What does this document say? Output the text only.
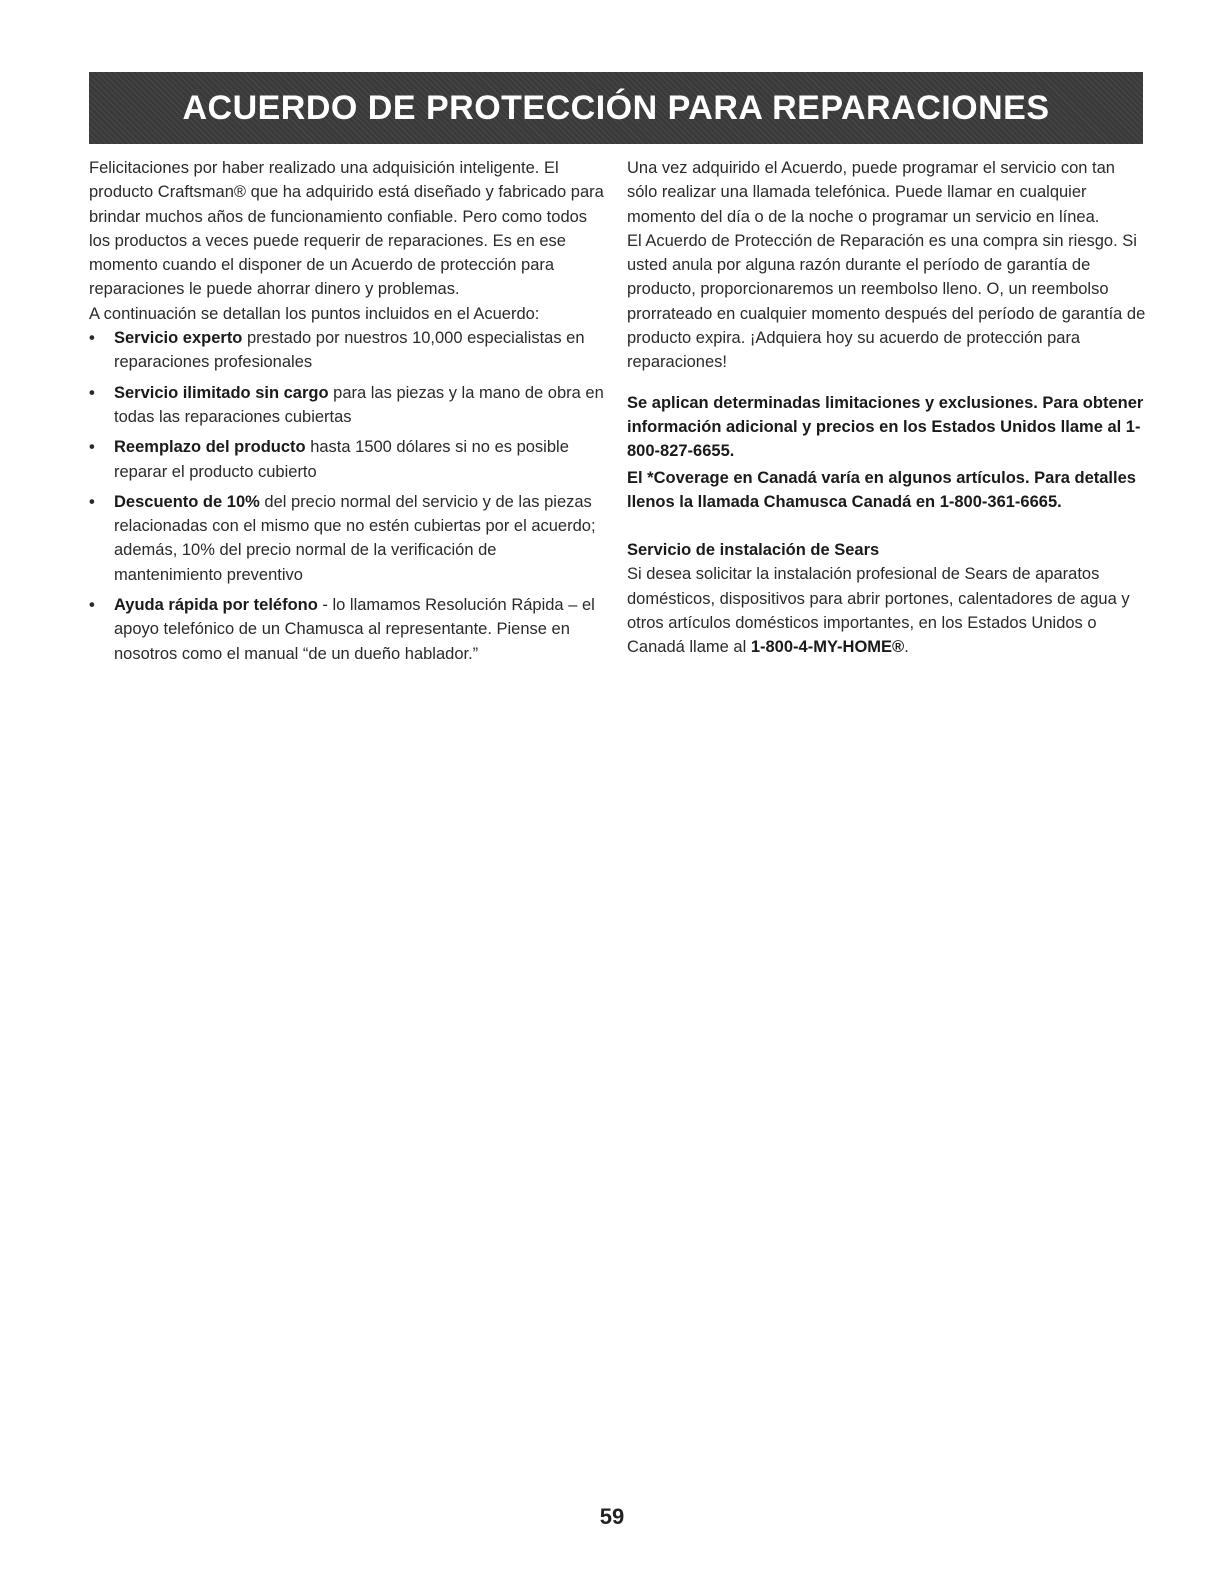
ACUERDO DE PROTECCIÓN PARA REPARACIONES

Felicitaciones por haber realizado una adquisición inteligente. El producto Craftsman® que ha adquirido está diseñado y fabricado para brindar muchos años de funcionamiento confiable. Pero como todos los productos a veces puede requerir de reparaciones. Es en ese momento cuando el disponer de un Acuerdo de protección para reparaciones le puede ahorrar dinero y problemas.

A continuación se detallan los puntos incluidos en el Acuerdo:

• Servicio experto prestado por nuestros 10,000 especialistas en reparaciones profesionales
• Servicio ilimitado sin cargo para las piezas y la mano de obra en todas las reparaciones cubiertas
• Reemplazo del producto hasta 1500 dólares si no es posible reparar el producto cubierto
• Descuento de 10% del precio normal del servicio y de las piezas relacionadas con el mismo que no estén cubiertas por el acuerdo; además, 10% del precio normal de la verificación de mantenimiento preventivo
• Ayuda rápida por teléfono - lo llamamos Resolución Rápida – el apoyo telefónico de un Chamusca al representante. Piense en nosotros como el manual “de un dueño hablador.”

Una vez adquirido el Acuerdo, puede programar el servicio con tan sólo realizar una llamada telefónica. Puede llamar en cualquier momento del día o de la noche o programar un servicio en línea.

El Acuerdo de Protección de Reparación es una compra sin riesgo. Si usted anula por alguna razón durante el período de garantía de producto, proporcionaremos un reembolso lleno. O, un reembolso prorrateado en cualquier momento después del período de garantía de producto expira. ¡Adquiera hoy su acuerdo de protección para reparaciones!

Se aplican determinadas limitaciones y exclusiones. Para obtener información adicional y precios en los Estados Unidos llame al 1-800-827-6655.

El *Coverage en Canadá varía en algunos artículos. Para detalles llenos la llamada Chamusca Canadá en 1-800-361-6665.

Servicio de instalación de Sears

Si desea solicitar la instalación profesional de Sears de aparatos domésticos, dispositivos para abrir portones, calentadores de agua y otros artículos domésticos importantes, en los Estados Unidos o Canadá llame al 1-800-4-MY-HOME®.

59
